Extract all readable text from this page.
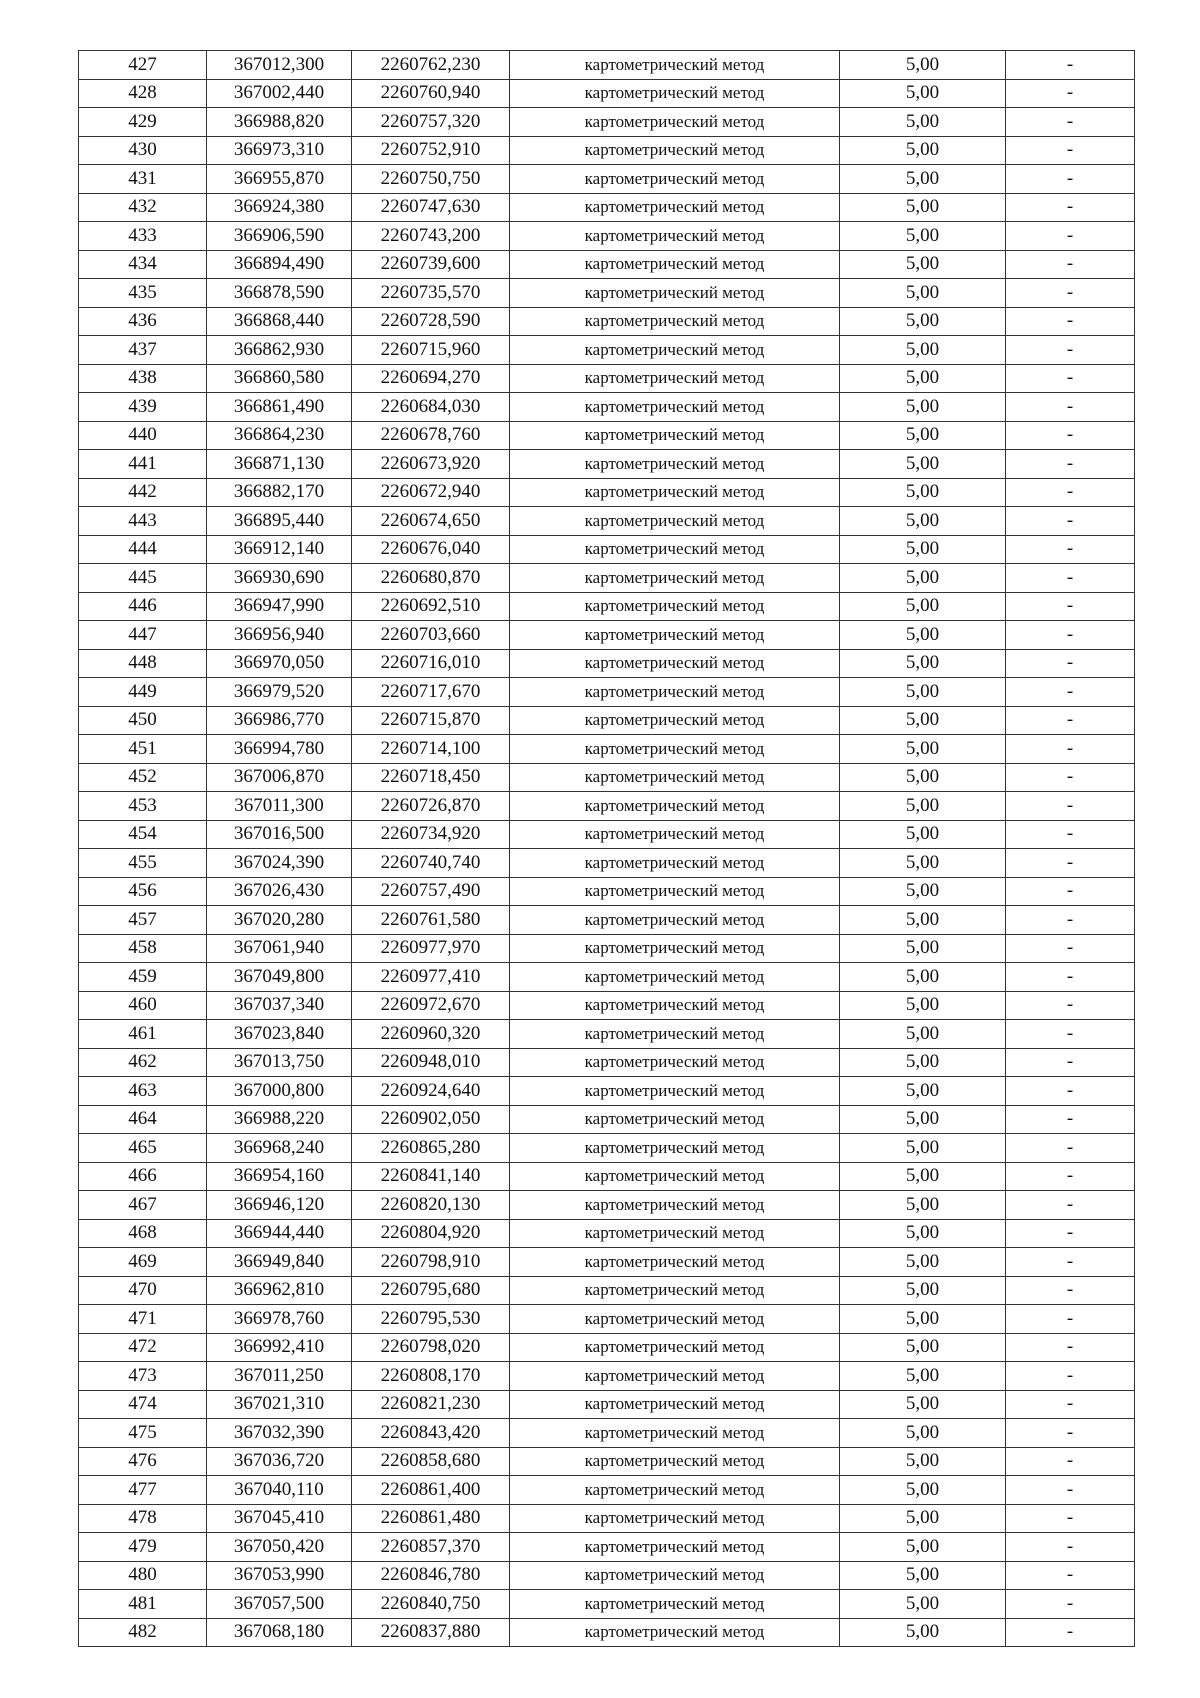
427	367012,300	2260762,230	картометрический метод	5,00	-
428	367002,440	2260760,940	картометрический метод	5,00	-
429	366988,820	2260757,320	картометрический метод	5,00	-
430	366973,310	2260752,910	картометрический метод	5,00	-
431	366955,870	2260750,750	картометрический метод	5,00	-
432	366924,380	2260747,630	картометрический метод	5,00	-
433	366906,590	2260743,200	картометрический метод	5,00	-
434	366894,490	2260739,600	картометрический метод	5,00	-
435	366878,590	2260735,570	картометрический метод	5,00	-
436	366868,440	2260728,590	картометрический метод	5,00	-
437	366862,930	2260715,960	картометрический метод	5,00	-
438	366860,580	2260694,270	картометрический метод	5,00	-
439	366861,490	2260684,030	картометрический метод	5,00	-
440	366864,230	2260678,760	картометрический метод	5,00	-
441	366871,130	2260673,920	картометрический метод	5,00	-
442	366882,170	2260672,940	картометрический метод	5,00	-
443	366895,440	2260674,650	картометрический метод	5,00	-
444	366912,140	2260676,040	картометрический метод	5,00	-
445	366930,690	2260680,870	картометрический метод	5,00	-
446	366947,990	2260692,510	картометрический метод	5,00	-
447	366956,940	2260703,660	картометрический метод	5,00	-
448	366970,050	2260716,010	картометрический метод	5,00	-
449	366979,520	2260717,670	картометрический метод	5,00	-
450	366986,770	2260715,870	картометрический метод	5,00	-
451	366994,780	2260714,100	картометрический метод	5,00	-
452	367006,870	2260718,450	картометрический метод	5,00	-
453	367011,300	2260726,870	картометрический метод	5,00	-
454	367016,500	2260734,920	картометрический метод	5,00	-
455	367024,390	2260740,740	картометрический метод	5,00	-
456	367026,430	2260757,490	картометрический метод	5,00	-
457	367020,280	2260761,580	картометрический метод	5,00	-
458	367061,940	2260977,970	картометрический метод	5,00	-
459	367049,800	2260977,410	картометрический метод	5,00	-
460	367037,340	2260972,670	картометрический метод	5,00	-
461	367023,840	2260960,320	картометрический метод	5,00	-
462	367013,750	2260948,010	картометрический метод	5,00	-
463	367000,800	2260924,640	картометрический метод	5,00	-
464	366988,220	2260902,050	картометрический метод	5,00	-
465	366968,240	2260865,280	картометрический метод	5,00	-
466	366954,160	2260841,140	картометрический метод	5,00	-
467	366946,120	2260820,130	картометрический метод	5,00	-
468	366944,440	2260804,920	картометрический метод	5,00	-
469	366949,840	2260798,910	картометрический метод	5,00	-
470	366962,810	2260795,680	картометрический метод	5,00	-
471	366978,760	2260795,530	картометрический метод	5,00	-
472	366992,410	2260798,020	картометрический метод	5,00	-
473	367011,250	2260808,170	картометрический метод	5,00	-
474	367021,310	2260821,230	картометрический метод	5,00	-
475	367032,390	2260843,420	картометрический метод	5,00	-
476	367036,720	2260858,680	картометрический метод	5,00	-
477	367040,110	2260861,400	картометрический метод	5,00	-
478	367045,410	2260861,480	картометрический метод	5,00	-
479	367050,420	2260857,370	картометрический метод	5,00	-
480	367053,990	2260846,780	картометрический метод	5,00	-
481	367057,500	2260840,750	картометрический метод	5,00	-
482	367068,180	2260837,880	картометрический метод	5,00	-
